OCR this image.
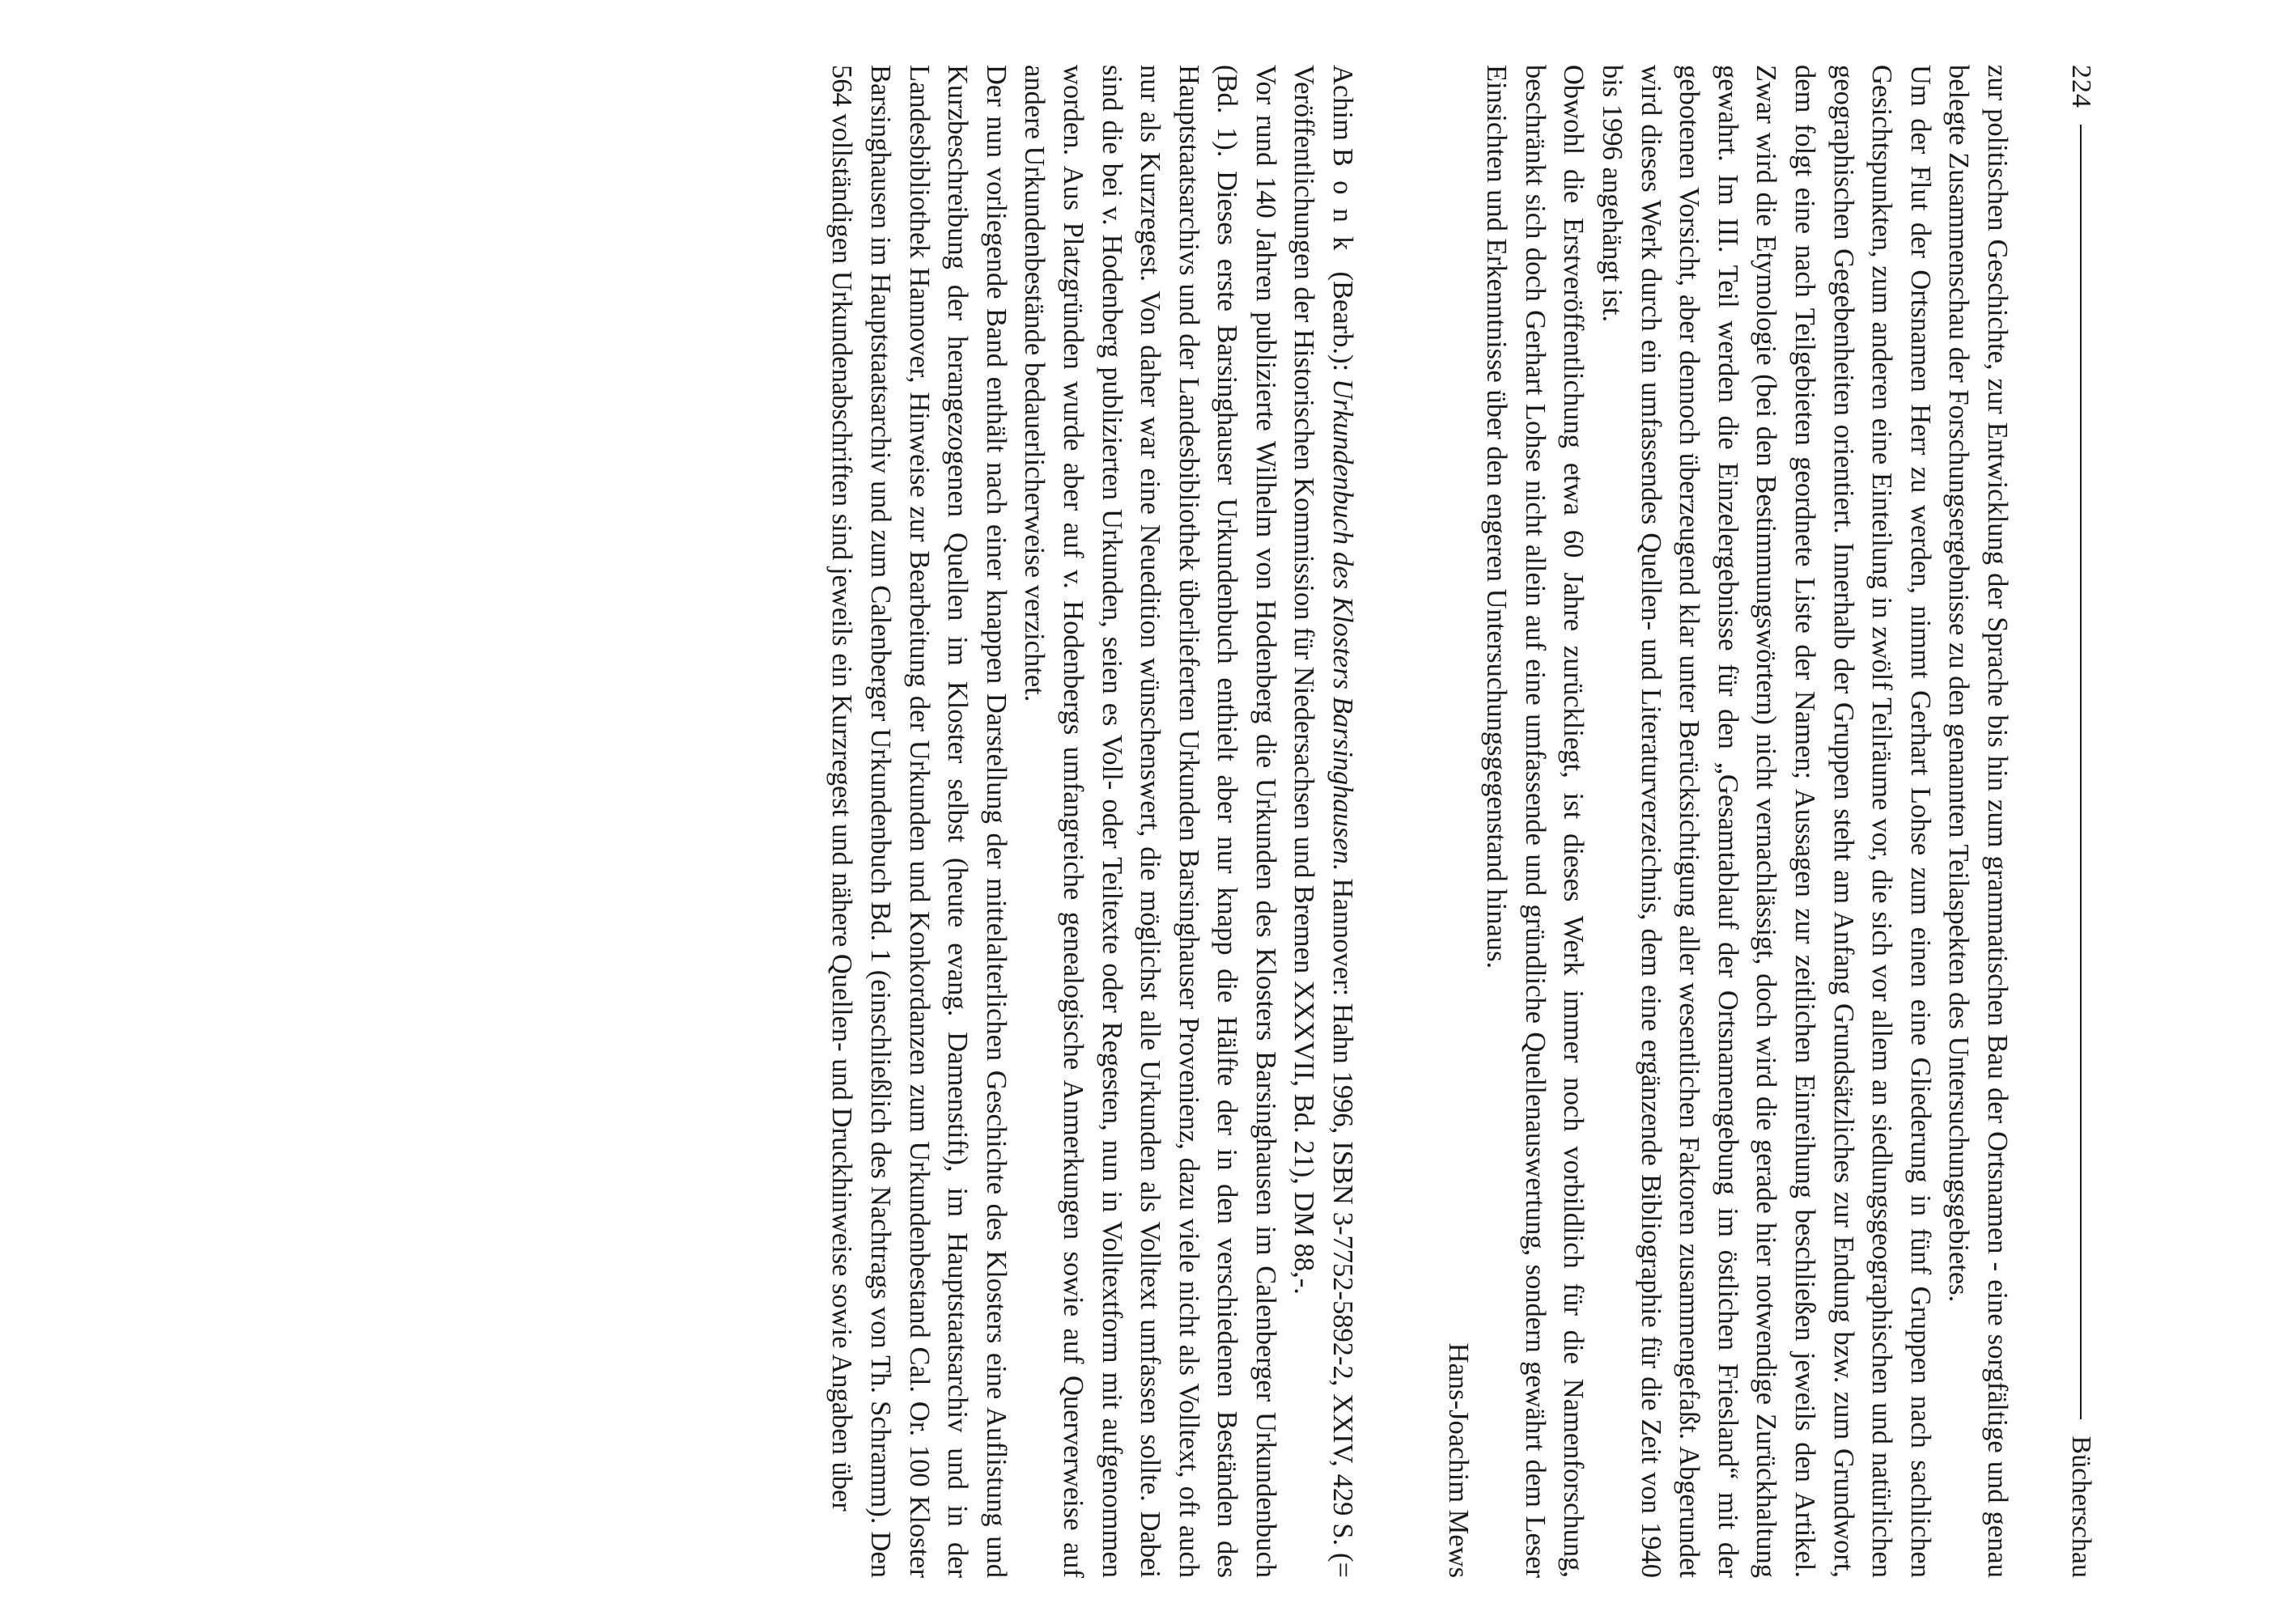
224
Bücherschau

zur politischen Geschichte, zur Entwicklung der Sprache bis hin zum grammatischen Bau der Ortsnamen - eine sorgfältige und genau belegte Zusammenschau der Forschungsergebnisse zu den genannten Teilaspekten des Untersuchungsgebietes.

Um der Flut der Ortsnamen Herr zu werden, nimmt Gerhart Lohse zum einen eine Gliederung in fünf Gruppen nach sachlichen Gesichtspunkten, zum anderen eine Einteilung in zwölf Teilräume vor, die sich vor allem an siedlungsgeographischen und natürlichen geographischen Gegebenheiten orientiert. Innerhalb der Gruppen steht am Anfang Grundsätzliches zur Endung bzw. zum Grundwort, dem folgt eine nach Teilgebieten geordnete Liste der Namen; Aussagen zur zeitlichen Einreihung beschließen jeweils den Artikel. Zwar wird die Etymologie (bei den Bestimmungswörtern) nicht vernachlässigt, doch wird die gerade hier notwendige Zurückhaltung gewahrt. Im III. Teil werden die Einzelergebnisse für den „Gesamtablauf der Ortsnamengebung im östlichen Friesland“ mit der gebotenen Vorsicht, aber dennoch überzeugend klar unter Berücksichtigung aller wesentlichen Faktoren zusammengefaßt. Abgerundet wird dieses Werk durch ein umfassendes Quellen- und Literaturverzeichnis, dem eine ergänzende Bibliographie für die Zeit von 1940 bis 1996 angehängt ist.

Obwohl die Erstveröffentlichung etwa 60 Jahre zurückliegt, ist dieses Werk immer noch vorbildlich für die Namenforschung, beschränkt sich doch Gerhart Lohse nicht allein auf eine umfassende und gründliche Quellenauswertung, sondern gewährt dem Leser Einsichten und Erkenntnisse über den engeren Untersuchungsgegenstand hinaus.

Hans-Joachim Mews

Achim Bonk (Bearb.): Urkundenbuch des Klosters Barsinghausen. Hannover: Hahn 1996, ISBN 3-7752-5892-2, XXIV, 429 S. (= Veröffentlichungen der Historischen Kommission für Niedersachsen und Bremen XXXVII, Bd. 21), DM 88,-.

Vor rund 140 Jahren publizierte Wilhelm von Hodenberg die Urkunden des Klosters Barsinghausen im Calenberger Urkundenbuch (Bd. 1). Dieses erste Barsinghauser Urkundenbuch enthielt aber nur knapp die Hälfte der in den verschiedenen Beständen des Hauptstaatsarchivs und der Landesbibliothek überlieferten Urkunden Barsinghauser Provenienz, dazu viele nicht als Volltext, oft auch nur als Kurzregest. Von daher war eine Neuedition wünschenswert, die möglichst alle Urkunden als Volltext umfassen sollte. Dabei sind die bei v. Hodenberg publizierten Urkunden, seien es Voll- oder Teiltexte oder Regesten, nun in Volltextform mit aufgenommen worden. Aus Platzgründen wurde aber auf v. Hodenbergs umfangreiche genealogische Anmerkungen sowie auf Querverweise auf andere Urkundenbestände bedauerlicherweise verzichtet.

Der nun vorliegende Band enthält nach einer knappen Darstellung der mittelalterlichen Geschichte des Klosters eine Auflistung und Kurzbeschreibung der herangezogenen Quellen im Kloster selbst (heute evang. Damenstift), im Hauptstaatsarchiv und in der Landesbibliothek Hannover, Hinweise zur Bearbeitung der Urkunden und Konkordanzen zum Urkundenbestand Cal. Or. 100 Kloster Barsinghausen im Hauptstaatsarchiv und zum Calenberger Urkundenbuch Bd. 1 (einschließlich des Nachtrags von Th. Schramm). Den 564 vollständigen Urkundenabschriften sind jeweils ein Kurzregest und nähere Quellen- und Druckhinweise sowie Angaben über
